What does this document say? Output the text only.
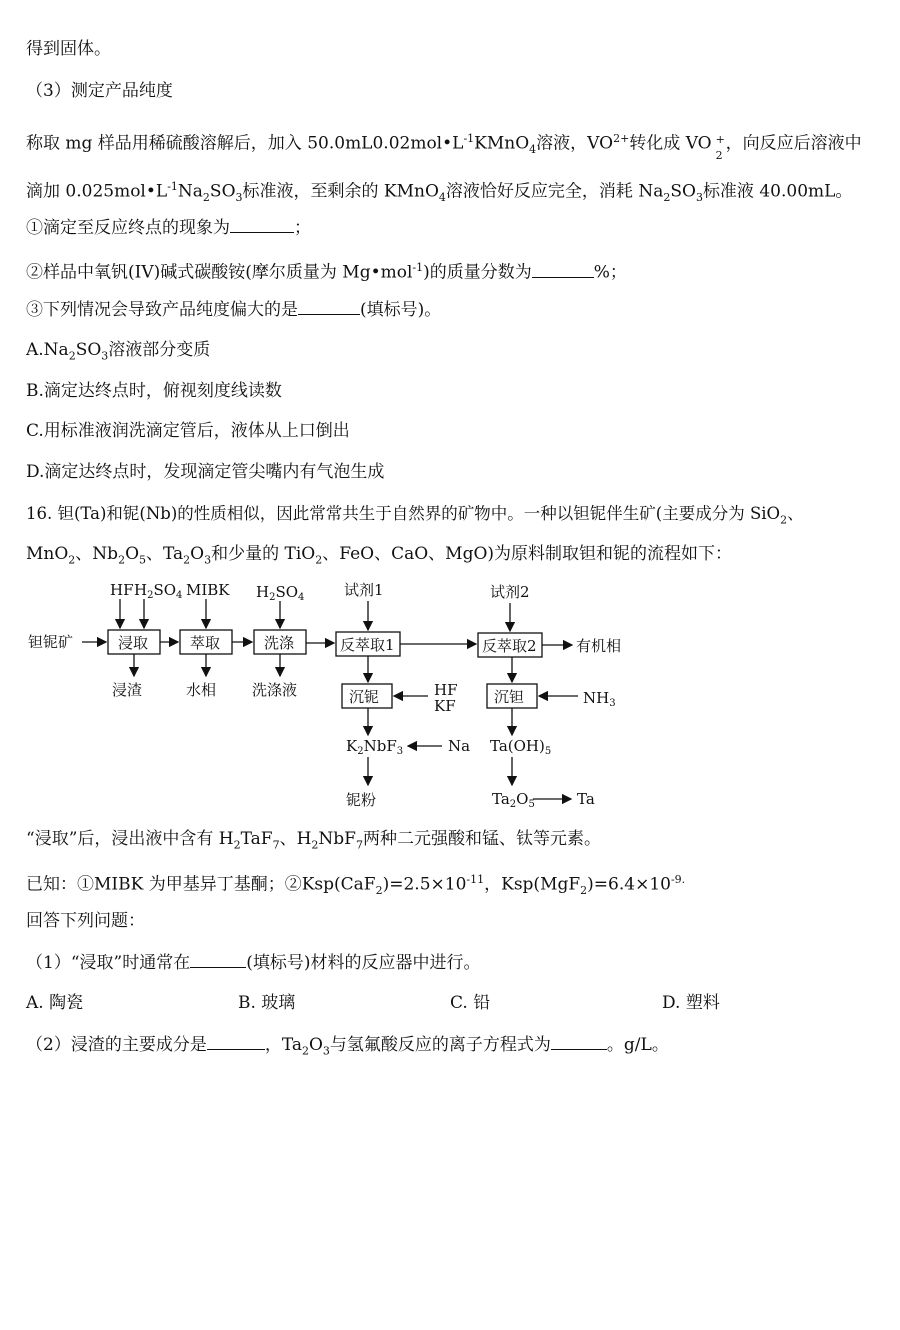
得到固体。
（3）测定产品纯度
称取 mg 样品用稀硫酸溶解后，加入 $50.0mL0.02mol•L^{-1}KMnO_4$溶液，$VO^{2+}$转化成 VO +
2
，向反应后溶液中
滴加 $0.025mol•L^{-1}Na_2SO_3$标准液，至剩余的 KMnO$_4$溶液恰好反应完全，消耗 $Na_2SO_3$标准液 40.00mL。
①滴定至反应终点的现象为	；
②样品中氧钒(IV)碱式碳酸铵(摩尔质量为 Mg•mol$^{-1}$)的质量分数为	%；
③下列情况会导致产品纯度偏大的是	(填标号)。
$A.Na_2SO_3$溶液部分变质
B.滴定达终点时，俯视刻度线读数
C.用标准液润洗滴定管后，液体从上口倒出
D.滴定达终点时，发现滴定管尖嘴内有气泡生成
16. 钽(Ta)和铌(Nb)的性质相似，因此常常共生于自然界的矿物中。一种以钽铌伴生矿(主要成分为 SiO$_2$、
MnO$_2$、$Nb_2O_5$、$Ta_2O_3$和少量的 TiO$_2$、FeO、CaO、MgO)为原料制取钽和铌的流程如下：
钽铌矿
HF $H_2SO_4$ MIBK $H_2SO_4$	试剂1	试剂2
浸取	萃取	洗涤	反萃取1	反萃取2	有机相
浸渣	水相 洗涤液	沉铌	HF
KF	沉钽	$NH_3$
$K_2NbF_3$	Na $Ta(OH)_5$
铌粉	$Ta_2O_5$	Ta
“浸取”后，浸出液中含有 $H_2TaF_7$、$H_2NbF_7$两种二元强酸和锰、钛等元素。
已知：①MIBK 为甲基异丁基酮；$②Ksp(CaF_2)=2.5\times 10^{-11}$，$Ksp(MgF_2)=6.4\times 10^{-9.}$
回答下列问题：
（1）“浸取”时通常在	(填标号)材料的反应器中进行。
A. 陶瓷	B. 玻璃	C. 铅	D. 塑料
（2）浸渣的主要成分是	，$Ta_2O_3$与氢氟酸反应的离子方程式为	。g/L。
